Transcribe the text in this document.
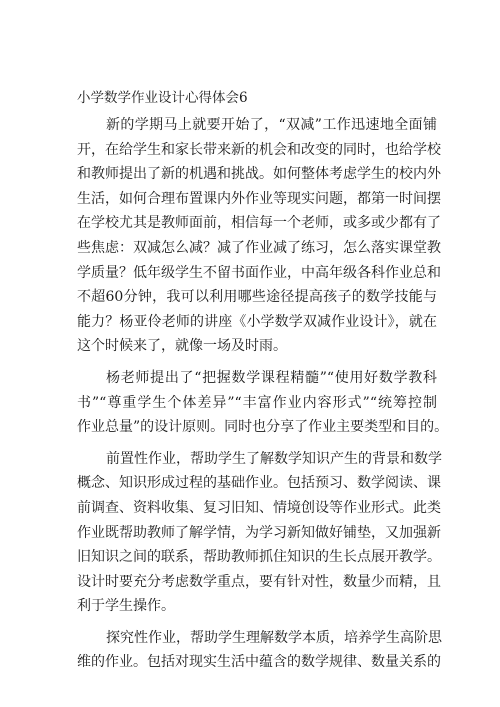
小学数学作业设计心得体会6
新的学期马上就要开始了，“双减”工作迅速地全面铺
开，在给学生和家长带来新的机会和改变的同时，也给学校
和教师提出了新的机遇和挑战。如何整体考虑学生的校内外
生活，如何合理布置课内外作业等现实问题，都第一时间摆
在学校尤其是教师面前，相信每一个老师，或多或少都有了
些焦虑：双减怎么减？减了作业减了练习，怎么落实课堂教
学质量？低年级学生不留书面作业，中高年级各科作业总和
不超60分钟，我可以利用哪些途径提高孩子的数学技能与
能力？杨亚伶老师的讲座《小学数学双减作业设计》，就在
这个时候来了，就像一场及时雨。
杨老师提出了“把握数学课程精髓”“使用好数学教科
书”“尊重学生个体差异”“丰富作业内容形式”“统筹控制
作业总量”的设计原则。同时也分享了作业主要类型和目的。
前置性作业，帮助学生了解数学知识产生的背景和数学
概念、知识形成过程的基础作业。包括预习、数学阅读、课
前调查、资料收集、复习旧知、情境创设等作业形式。此类
作业既帮助教师了解学情，为学习新知做好铺垫，又加强新
旧知识之间的联系，帮助教师抓住知识的生长点展开教学。
设计时要充分考虑数学重点，要有针对性，数量少而精，且
利于学生操作。
探究性作业，帮助学生理解数学本质，培养学生高阶思
维的作业。包括对现实生活中蕴含的数学规律、数量关系的
